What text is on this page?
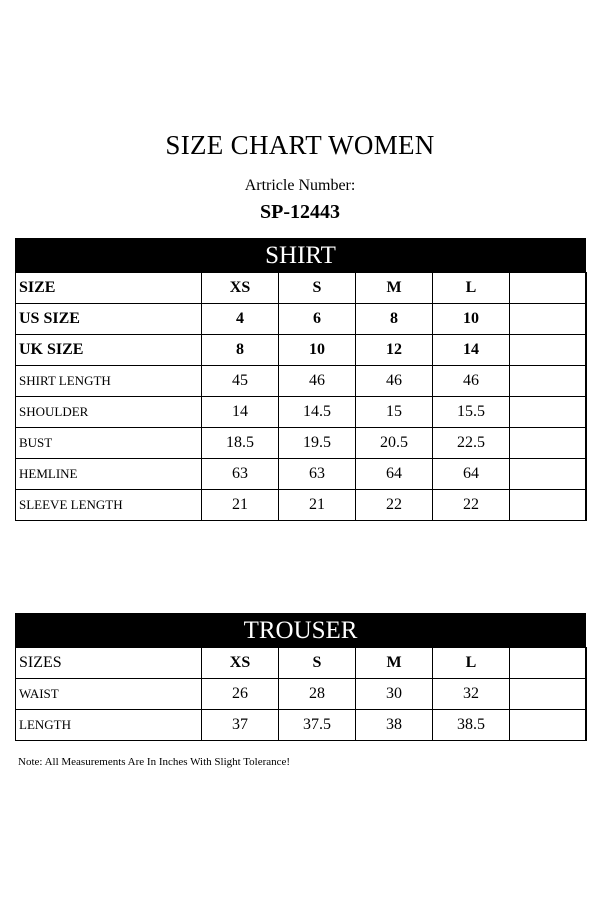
SIZE CHART WOMEN
Artricle Number:
SP-12443
SHIRT					
SIZE	XS	S	M	L	
US SIZE	4	6	8	10	
UK SIZE	8	10	12	14	
SHIRT LENGTH	45	46	46	46	
SHOULDER	14	14.5	15	15.5	
BUST	18.5	19.5	20.5	22.5	
HEMLINE	63	63	64	64	
SLEEVE LENGTH	21	21	22	22	
TROUSER					
SIZES	XS	S	M	L	
WAIST	26	28	30	32	
LENGTH	37	37.5	38	38.5	
Note: All Measurements Are In Inches With Slight Tolerance!
